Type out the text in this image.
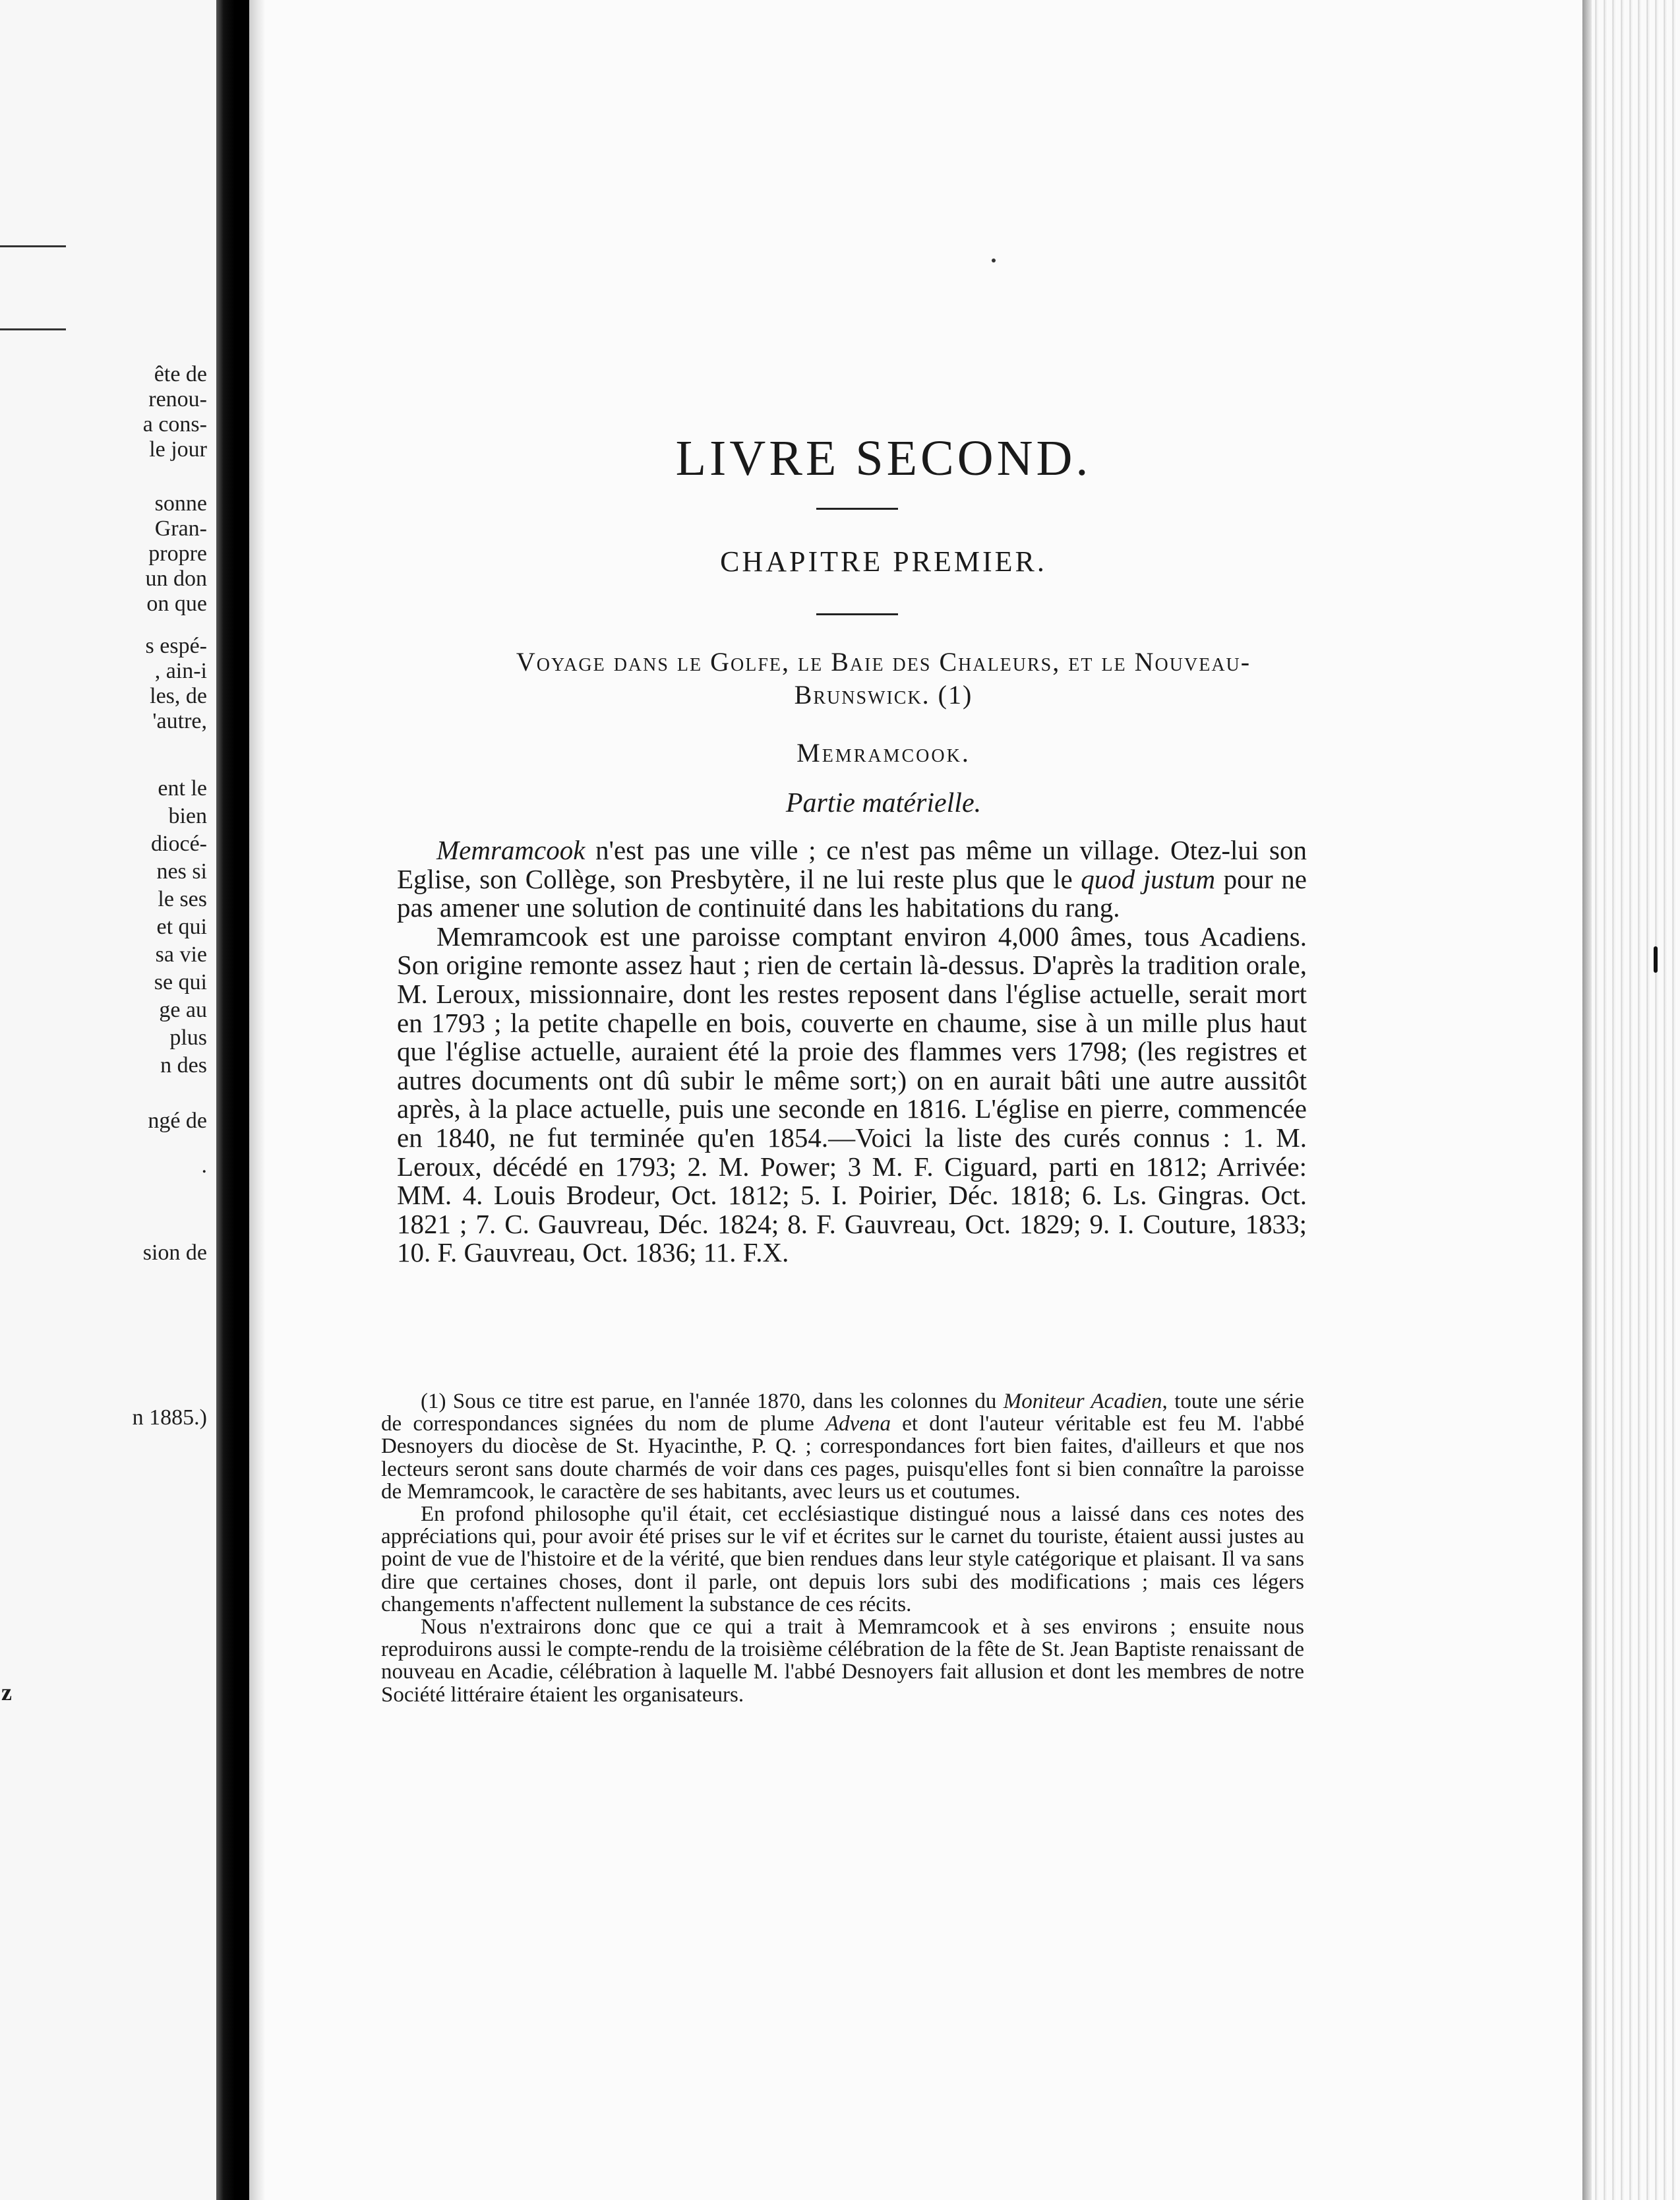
ête de
renou-
a cons-
le jour
sonne
Gran-
propre
un don
on que
s espé-
, ain-i
les, de
'autre,
ent le
bien
diocé-
nes si
le ses
et qui
sa vie
se qui
ge au
plus
n des
ngé de
.
sion de
n 1885.)
z
LIVRE SECOND.
CHAPITRE PREMIER.
Voyage dans le Golfe, le Baie des Chaleurs, et le Nouveau-
Brunswick. (1)
Memramcook.
Partie matérielle.

Memramcook n'est pas une ville ; ce n'est pas même un village. Otez-lui son Eglise, son Collège, son Presbytère, il ne lui reste plus que le quod justum pour ne pas amener une solution de continuité dans les habitations du rang.

Memramcook est une paroisse comptant environ 4,000 âmes, tous Acadiens. Son origine remonte assez haut ; rien de certain là-dessus. D'après la tradition orale, M. Leroux, missionnaire, dont les restes reposent dans l'église actuelle, serait mort en 1793 ; la petite chapelle en bois, couverte en chaume, sise à un mille plus haut que l'église actuelle, auraient été la proie des flammes vers 1798; (les registres et autres documents ont dû subir le même sort;) on en aurait bâti une autre aussitôt après, à la place actuelle, puis une seconde en 1816. L'église en pierre, commencée en 1840, ne fut terminée qu'en 1854.—Voici la liste des curés connus : 1. M. Leroux, décédé en 1793; 2. M. Power; 3 M. F. Ciguard, parti en 1812; Arrivée: MM. 4. Louis Brodeur, Oct. 1812; 5. I. Poirier, Déc. 1818; 6. Ls. Gingras. Oct. 1821 ; 7. C. Gauvreau, Déc. 1824; 8. F. Gauvreau, Oct. 1829; 9. I. Couture, 1833; 10. F. Gauvreau, Oct. 1836; 11. F.X.

(1) Sous ce titre est parue, en l'année 1870, dans les colonnes du Moniteur Acadien, toute une série de correspondances signées du nom de plume Advena et dont l'auteur véritable est feu M. l'abbé Desnoyers du diocèse de St. Hyacinthe, P. Q. ; correspondances fort bien faites, d'ailleurs et que nos lecteurs seront sans doute charmés de voir dans ces pages, puisqu'elles font si bien connaître la paroisse de Memramcook, le caractère de ses habitants, avec leurs us et coutumes.

En profond philosophe qu'il était, cet ecclésiastique distingué nous a laissé dans ces notes des appréciations qui, pour avoir été prises sur le vif et écrites sur le carnet du touriste, étaient aussi justes au point de vue de l'histoire et de la vérité, que bien rendues dans leur style catégorique et plaisant. Il va sans dire que certaines choses, dont il parle, ont depuis lors subi des modifications ; mais ces légers changements n'affectent nullement la substance de ces récits.

Nous n'extrairons donc que ce qui a trait à Memramcook et à ses environs ; ensuite nous reproduirons aussi le compte-rendu de la troisième célébration de la fête de St. Jean Baptiste renaissant de nouveau en Acadie, célébration à laquelle M. l'abbé Desnoyers fait allusion et dont les membres de notre Société littéraire étaient les organisateurs.
